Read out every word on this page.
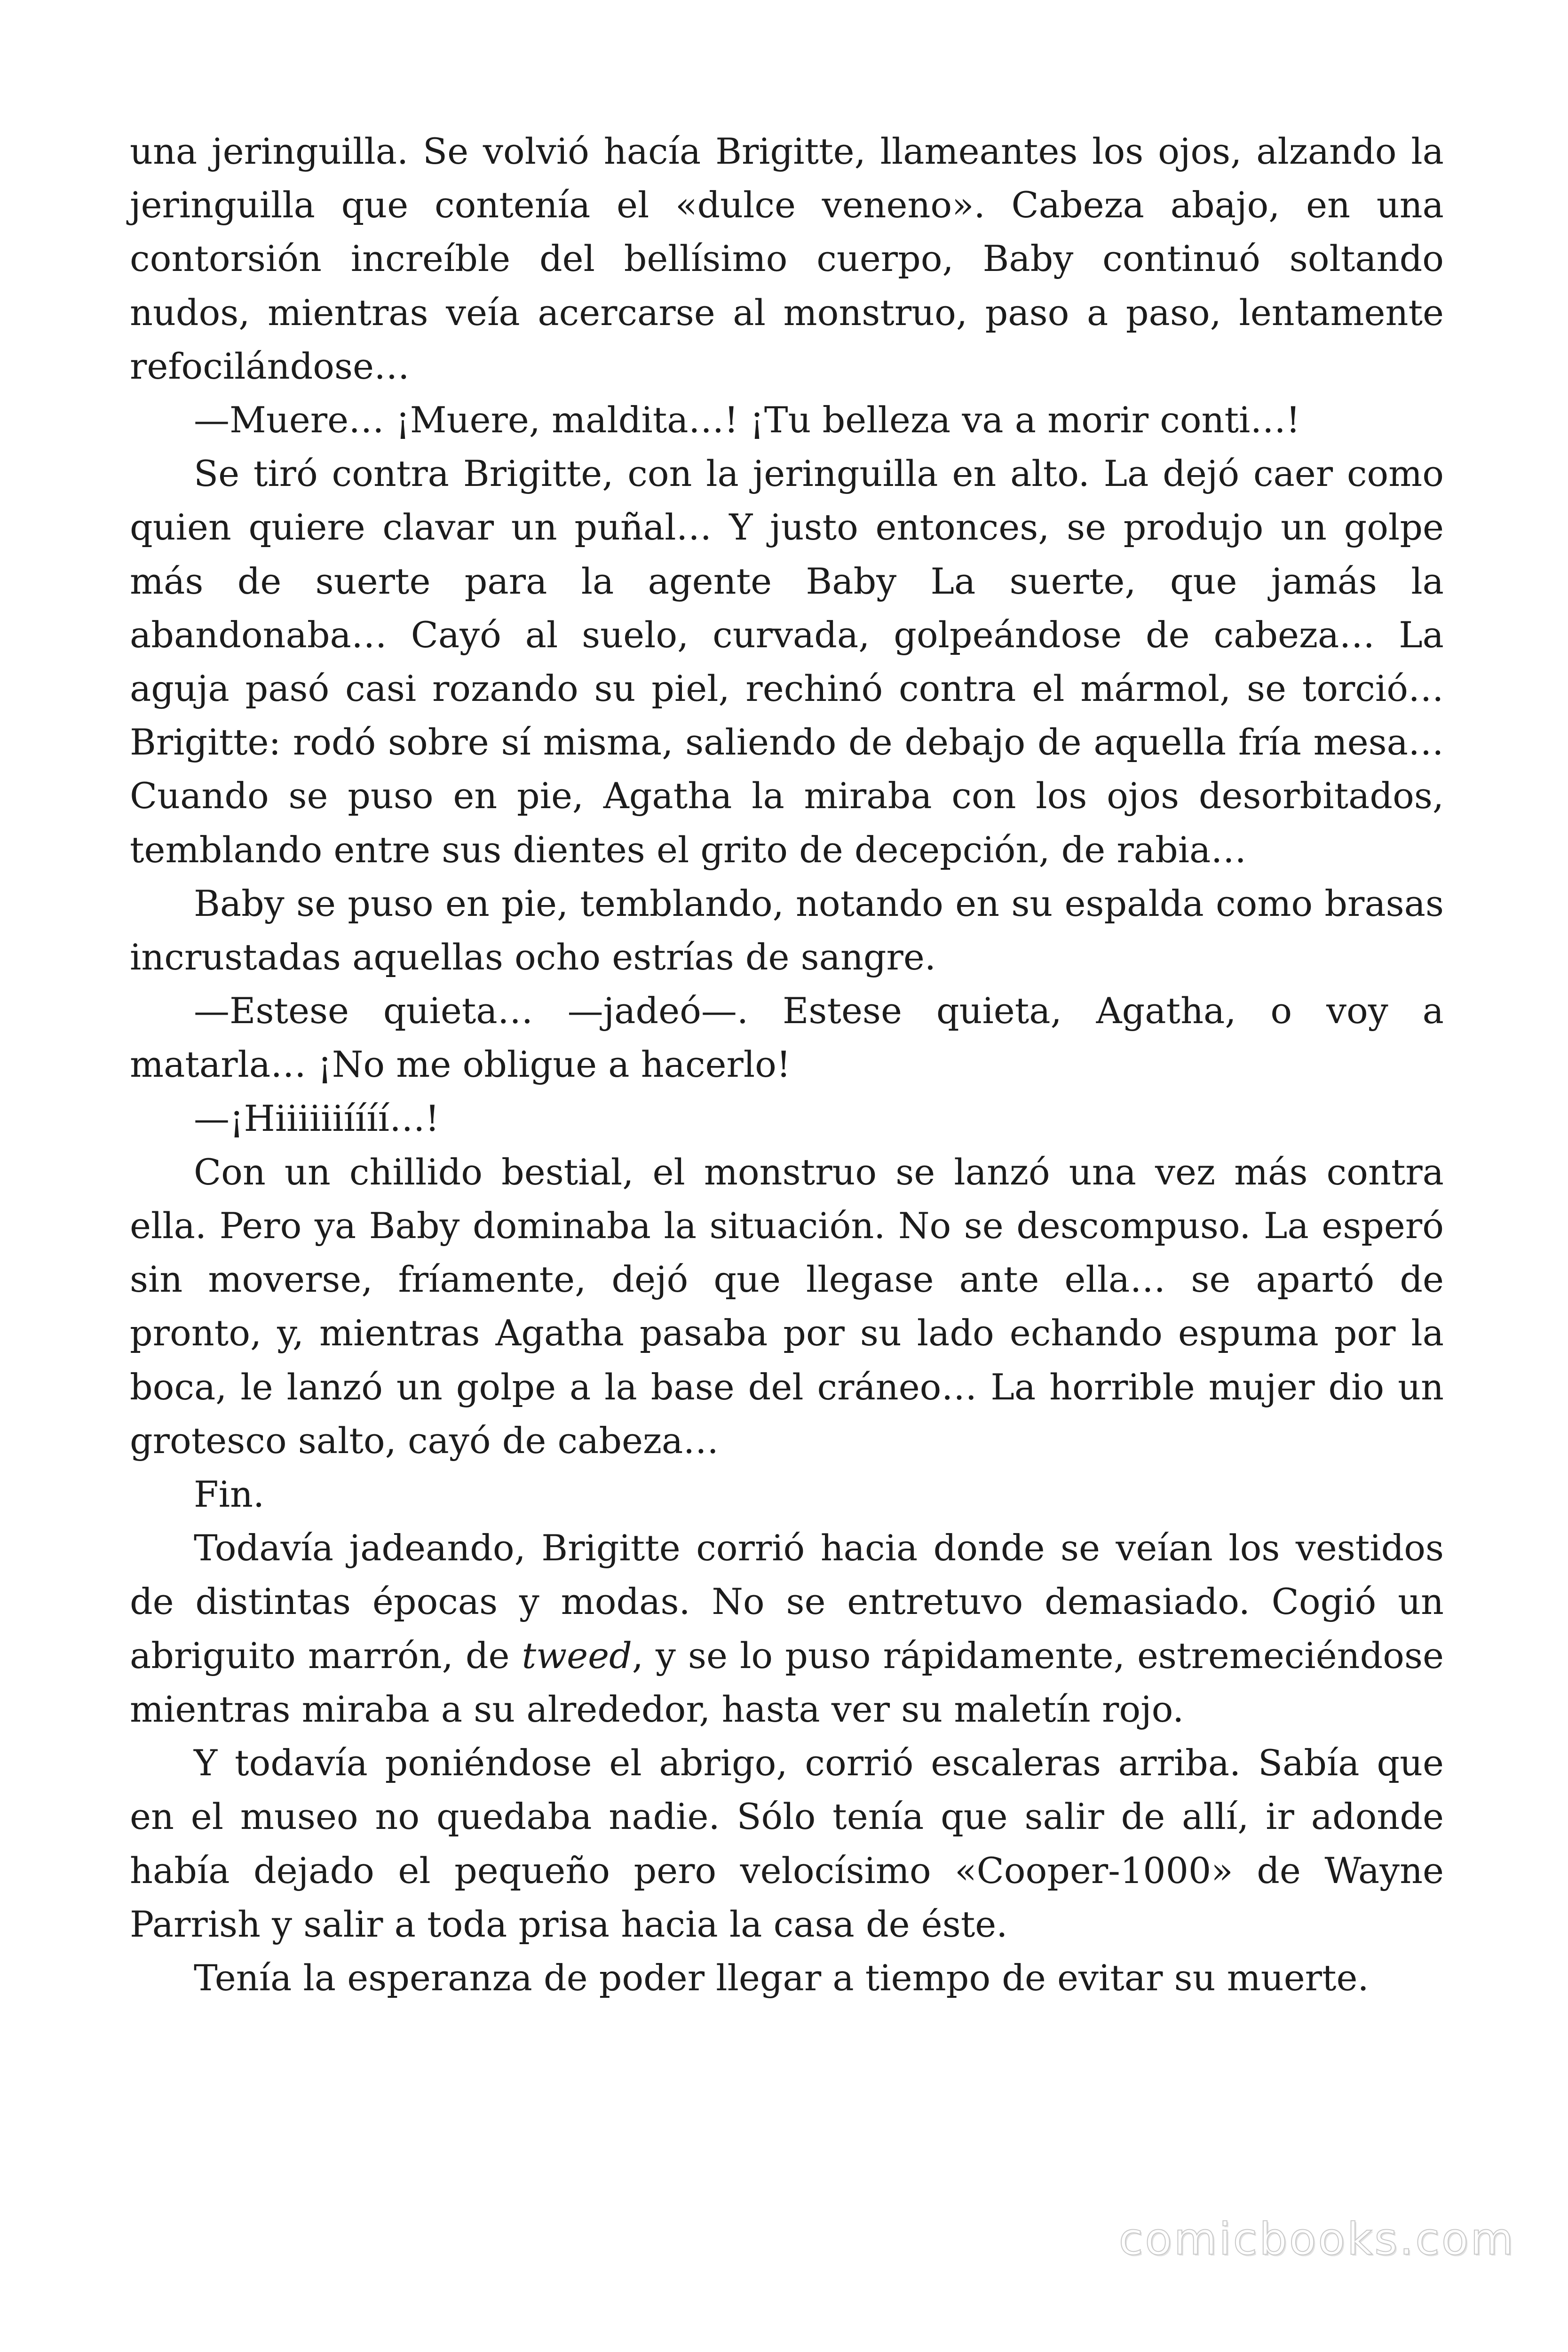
una jeringuilla. Se volvió hacía Brigitte, llameantes los ojos, alzando la jeringuilla que contenía el «dulce veneno». Cabeza abajo, en una contorsión increíble del bellísimo cuerpo, Baby continuó soltando nudos, mientras veía acercarse al monstruo, paso a paso, lentamente refocilándose…

—Muere… ¡Muere, maldita…! ¡Tu belleza va a morir conti…!

Se tiró contra Brigitte, con la jeringuilla en alto. La dejó caer como quien quiere clavar un puñal… Y justo entonces, se produjo un golpe más de suerte para la agente Baby La suerte, que jamás la abandonaba… Cayó al suelo, curvada, golpeándose de cabeza… La aguja pasó casi rozando su piel, rechinó contra el mármol, se torció… Brigitte: rodó sobre sí misma, saliendo de debajo de aquella fría mesa… Cuando se puso en pie, Agatha la miraba con los ojos desorbitados, temblando entre sus dientes el grito de decepción, de rabia…

Baby se puso en pie, temblando, notando en su espalda como brasas incrustadas aquellas ocho estrías de sangre.

—Estese quieta… —jadeó—. Estese quieta, Agatha, o voy a matarla… ¡No me obligue a hacerlo!

—¡Hiiiiiiíííí…!

Con un chillido bestial, el monstruo se lanzó una vez más contra ella. Pero ya Baby dominaba la situación. No se descompuso. La esperó sin moverse, fríamente, dejó que llegase ante ella… se apartó de pronto, y, mientras Agatha pasaba por su lado echando espuma por la boca, le lanzó un golpe a la base del cráneo… La horrible mujer dio un grotesco salto, cayó de cabeza…

Fin.

Todavía jadeando, Brigitte corrió hacia donde se veían los vestidos de distintas épocas y modas. No se entretuvo demasiado. Cogió un abriguito marrón, de tweed, y se lo puso rápidamente, estremeciéndose mientras miraba a su alrededor, hasta ver su maletín rojo.

Y todavía poniéndose el abrigo, corrió escaleras arriba. Sabía que en el museo no quedaba nadie. Sólo tenía que salir de allí, ir adonde había dejado el pequeño pero velocísimo «Cooper-1000» de Wayne Parrish y salir a toda prisa hacia la casa de éste.

Tenía la esperanza de poder llegar a tiempo de evitar su muerte.

comicbooks.com
